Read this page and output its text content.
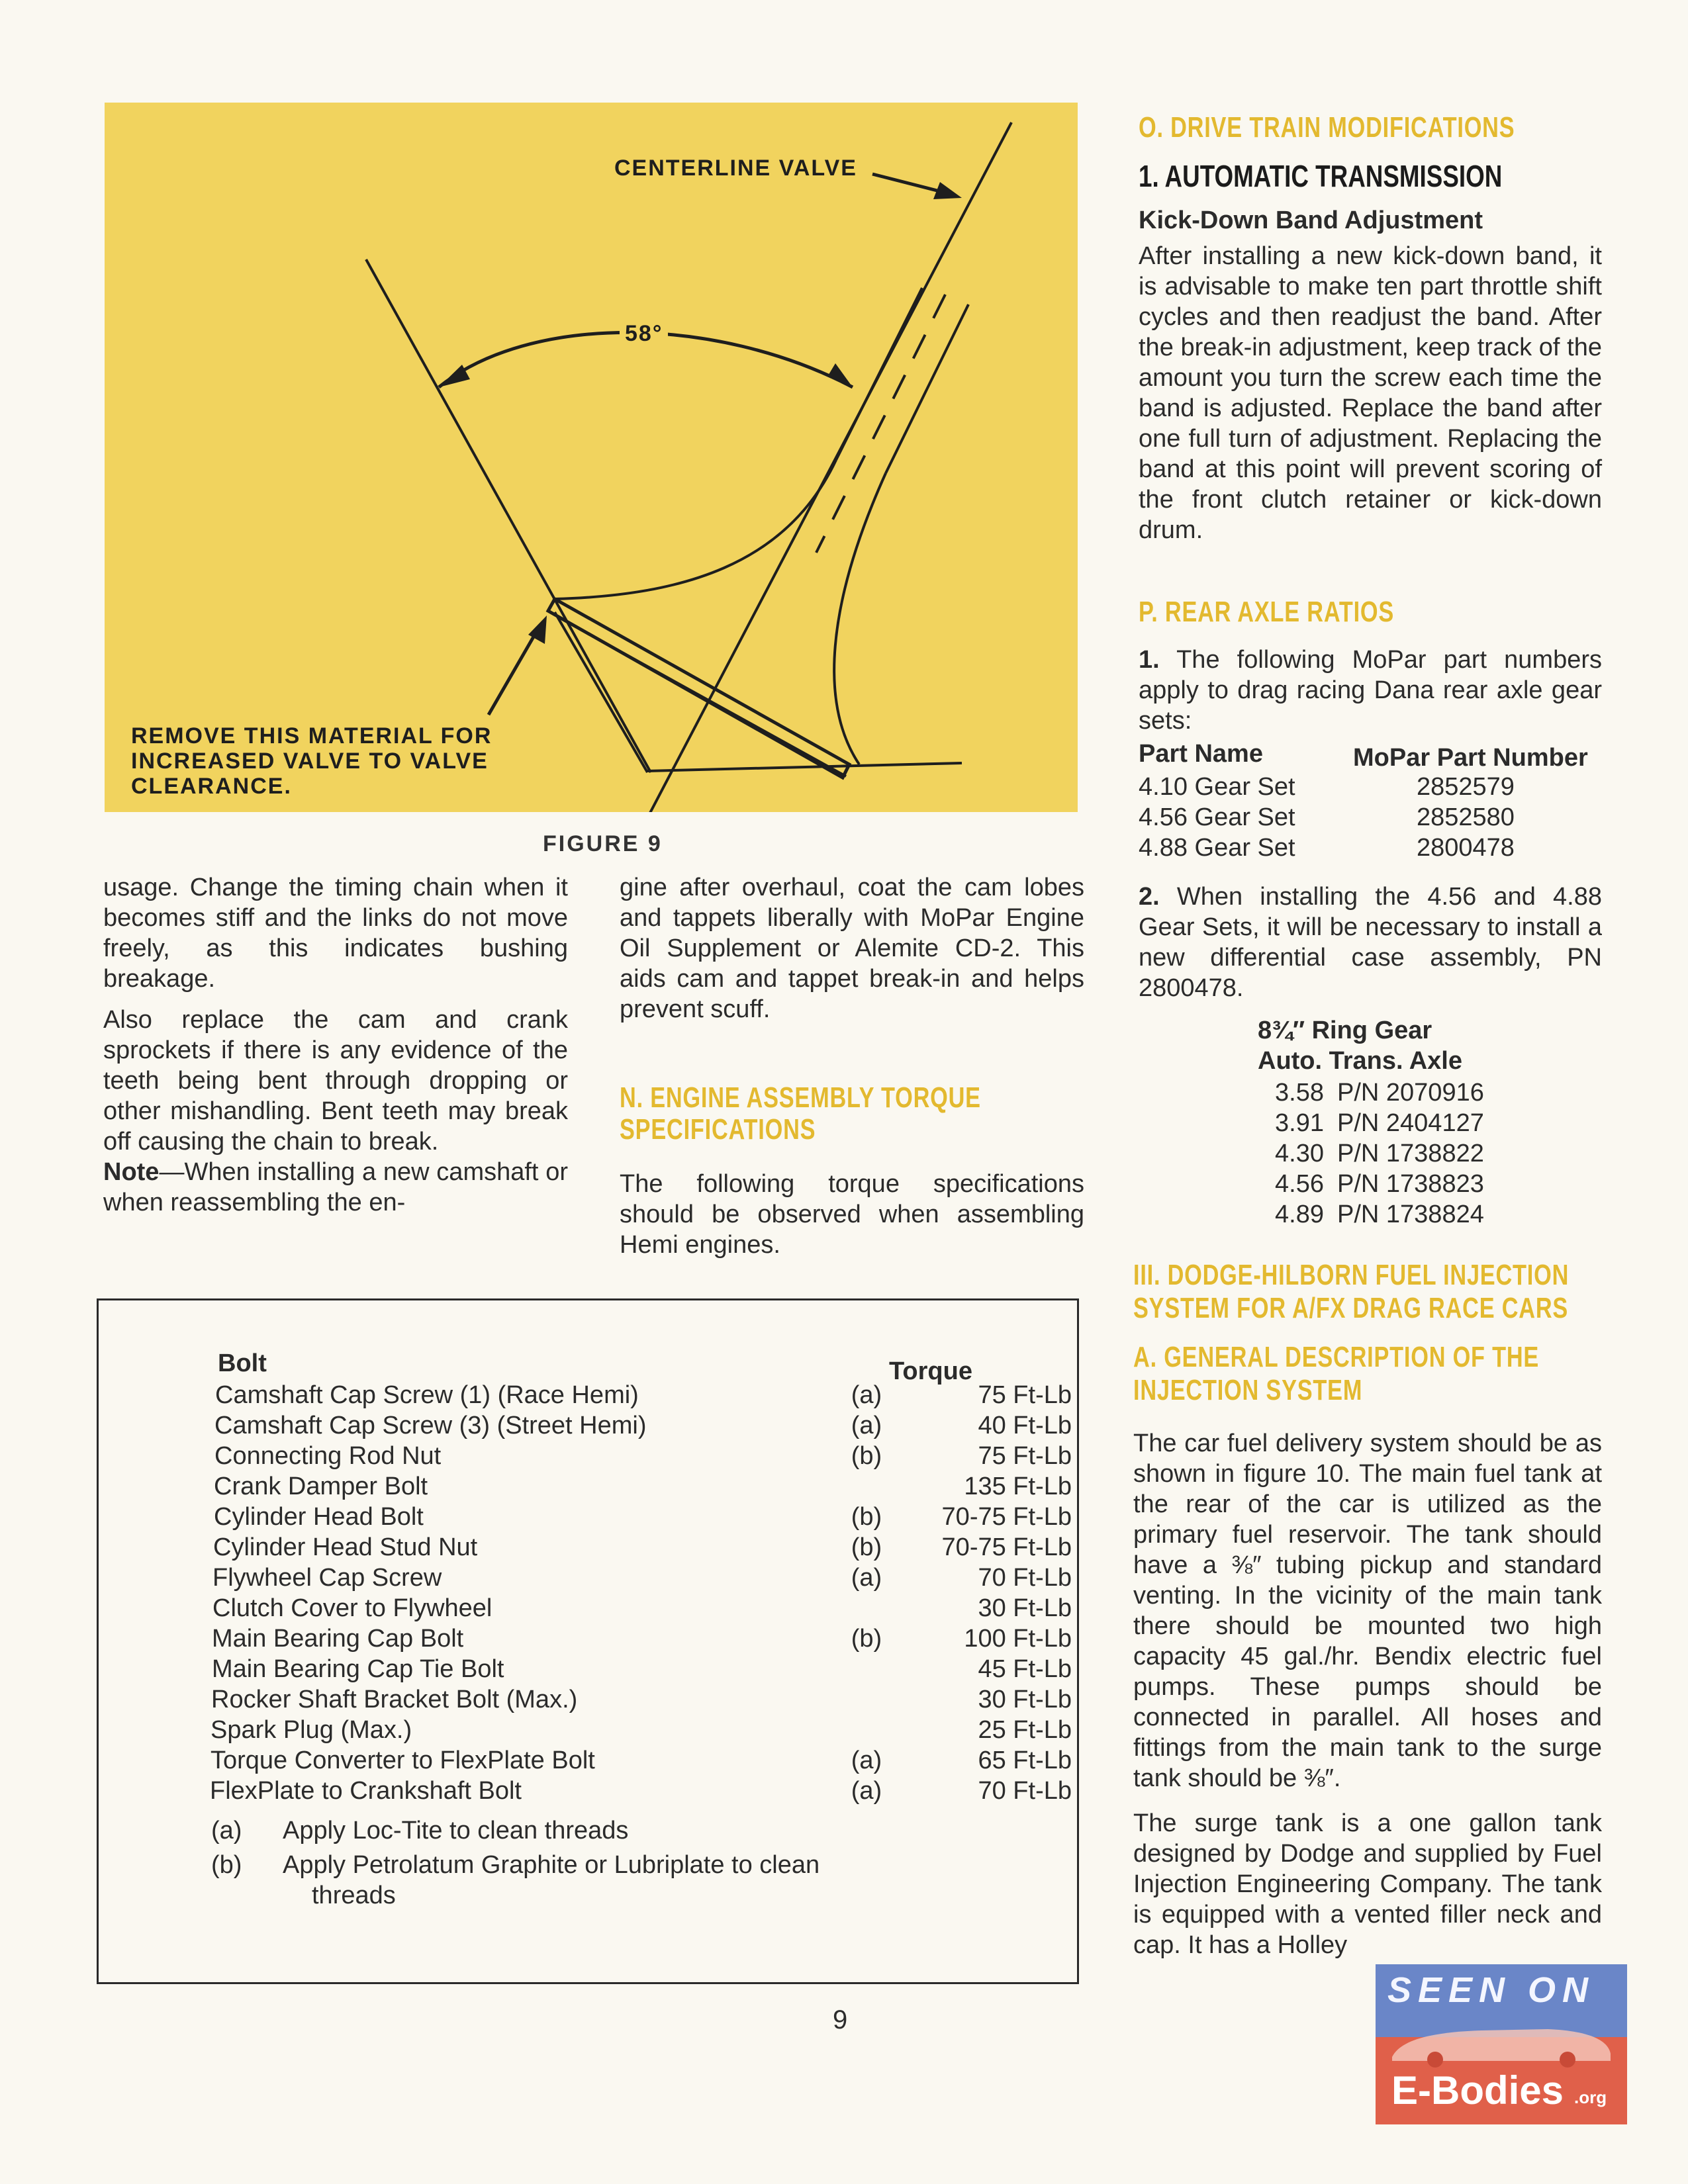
CENTERLINE VALVE
58°
REMOVE THIS MATERIAL FOR
INCREASED VALVE TO VALVE
CLEARANCE.
FIGURE 9

usage. Change the timing chain when it becomes stiff and the links do not move freely, as this indicates bushing breakage.

Also replace the cam and crank sprockets if there is any evidence of the teeth being bent through dropping or other mishandling. Bent teeth may break off causing the chain to break.

Note—When installing a new camshaft or when reassembling the en-

gine after overhaul, coat the cam lobes and tappets liberally with MoPar Engine Oil Supplement or Alemite CD-2. This aids cam and tappet break-in and helps prevent scuff.

N. ENGINE ASSEMBLY TORQUE
SPECIFICATIONS

The following torque specifications should be observed when assembling Hemi engines.

Bolt	Torque
Camshaft Cap Screw (1) (Race Hemi)	(a)	75 Ft-Lb
Camshaft Cap Screw (3) (Street Hemi)	(a)	40 Ft-Lb
Connecting Rod Nut	(b)	75 Ft-Lb
Crank Damper Bolt	135 Ft-Lb
Cylinder Head Bolt	(b)	70-75 Ft-Lb
Cylinder Head Stud Nut	(b)	70-75 Ft-Lb
Flywheel Cap Screw	(a)	70 Ft-Lb
Clutch Cover to Flywheel	30 Ft-Lb
Main Bearing Cap Bolt	(b)	100 Ft-Lb
Main Bearing Cap Tie Bolt	45 Ft-Lb
Rocker Shaft Bracket Bolt (Max.)	30 Ft-Lb
Spark Plug (Max.)	25 Ft-Lb
Torque Converter to FlexPlate Bolt	(a)	65 Ft-Lb
FlexPlate to Crankshaft Bolt	(a)	70 Ft-Lb
(a) Apply Loc-Tite to clean threads
(b) Apply Petrolatum Graphite or Lubriplate to clean
threads
O. DRIVE TRAIN MODIFICATIONS
1. AUTOMATIC TRANSMISSION
Kick-Down Band Adjustment

After installing a new kick-down band, it is advisable to make ten part throttle shift cycles and then readjust the band. After the break-in adjustment, keep track of the amount you turn the screw each time the band is adjusted. Replace the band after one full turn of adjustment. Replacing the band at this point will prevent scoring of the front clutch retainer or kick-down drum.

P. REAR AXLE RATIOS

1. The following MoPar part numbers apply to drag racing Dana rear axle gear sets:

Part Name	MoPar Part Number
4.10 Gear Set	2852579
4.56 Gear Set	2852580
4.88 Gear Set	2800478

2. When installing the 4.56 and 4.88 Gear Sets, it will be necessary to install a new differential case assembly, PN 2800478.

8¾″ Ring Gear
Auto. Trans. Axle
3.58 P/N 2070916
3.91 P/N 2404127
4.30 P/N 1738822
4.56 P/N 1738823
4.89 P/N 1738824
III. DODGE-HILBORN FUEL INJECTION
SYSTEM FOR A/FX DRAG RACE CARS
A. GENERAL DESCRIPTION OF THE
INJECTION SYSTEM

The car fuel delivery system should be as shown in figure 10. The main fuel tank at the rear of the car is utilized as the primary fuel reservoir. The tank should have a ⅜″ tubing pickup and standard venting. In the vicinity of the main tank there should be mounted two high capacity 45 gal./hr. Bendix electric fuel pumps. These pumps should be connected in parallel. All hoses and fittings from the main tank to the surge tank should be ⅜″.

The surge tank is a one gallon tank designed by Dodge and supplied by Fuel Injection Engineering Company. The tank is equipped with a vented filler neck and cap. It has a Holley

9
SEEN ON
E-Bodies .org
